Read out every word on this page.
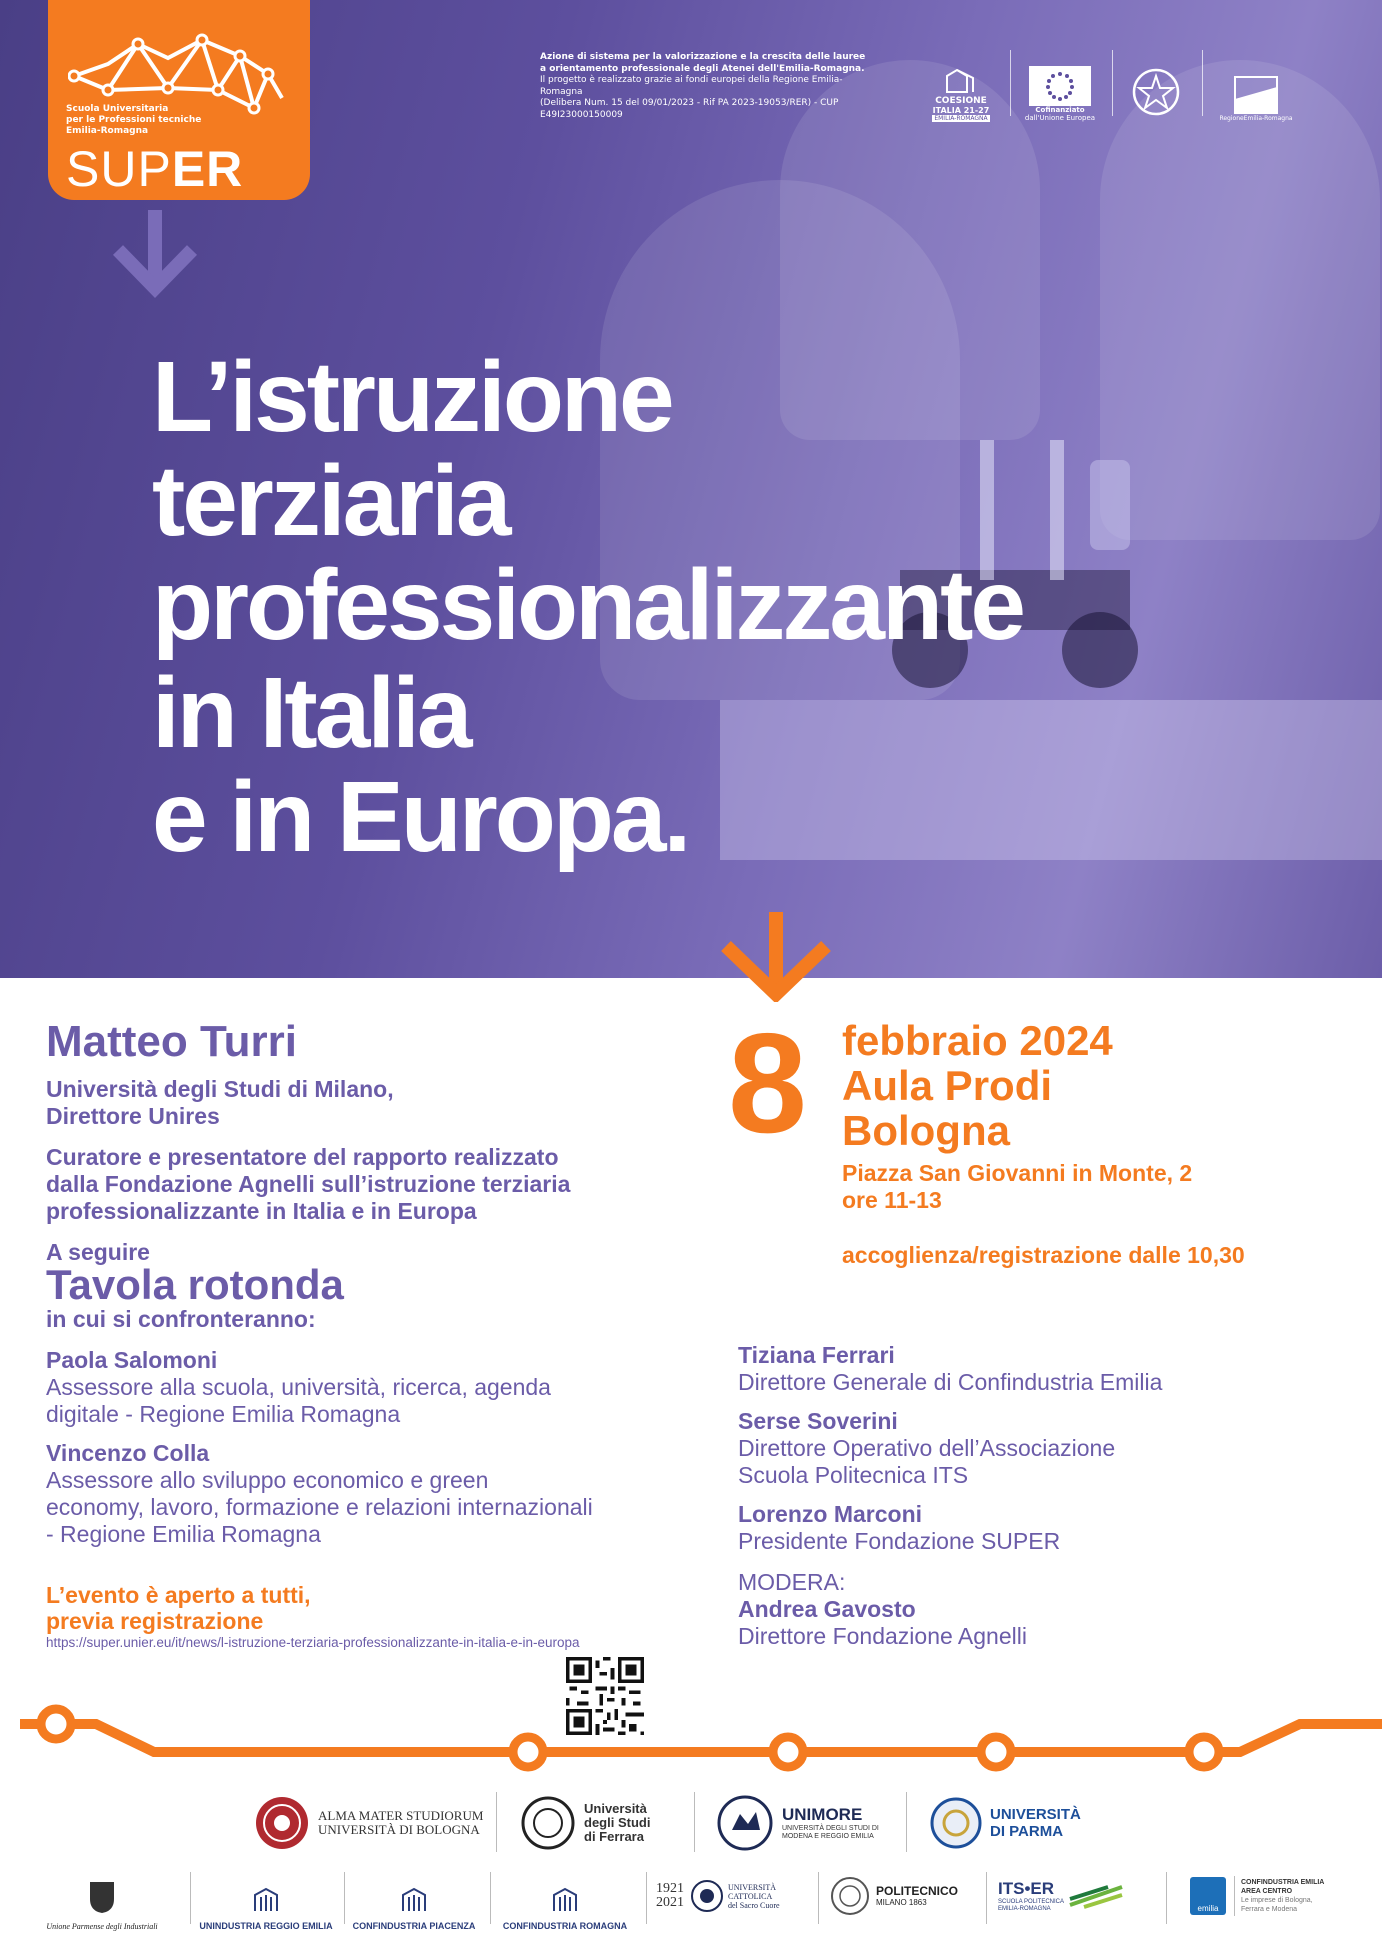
Azione di sistema per la valorizzazione e la crescita delle lauree
a orientamento professionale degli Atenei dell'Emilia-Romagna.
Il progetto è realizzato grazie ai fondi europei della Regione Emilia-Romagna
(Delibera Num. 15 del 09/01/2023 - Rif PA 2023-19053/RER) - CUP
E49I23000150009
COESIONE
ITALIA 21-27
EMILIA-ROMAGNA
Cofinanziato
dall'Unione Europea	RegioneEmilia-Romagna
L’istruzione
terziaria
professionalizzante
in Italia
e in Europa.
Scuola Universitaria
per le Professioni tecniche
Emilia-Romagna
SUPER
Matteo Turri
Università degli Studi di Milano,
Direttore Unires
Curatore e presentatore del rapporto realizzato
dalla Fondazione Agnelli sull’istruzione terziaria
professionalizzante in Italia e in Europa
A seguire
Tavola rotonda
in cui si confronteranno:
Paola Salomoni
Assessore alla scuola, università, ricerca, agenda
digitale - Regione Emilia Romagna
Vincenzo Colla
Assessore allo sviluppo economico e green
economy, lavoro, formazione e relazioni internazionali
- Regione Emilia Romagna
L’evento è aperto a tutti,
previa registrazione
https://super.unier.eu/it/news/l-istruzione-terziaria-professionalizzante-in-italia-e-in-europa
8 febbraio 2024
Aula Prodi
Bologna
Piazza San Giovanni in Monte, 2
ore 11-13
accoglienza/registrazione dalle 10,30
Tiziana Ferrari
Direttore Generale di Confindustria Emilia
Serse Soverini
Direttore Operativo dell’Associazione
Scuola Politecnica ITS
Lorenzo Marconi
Presidente Fondazione SUPER
MODERA:
Andrea Gavosto
Direttore Fondazione Agnelli
ALMA MATER STUDIORUM
UNIVERSITÀ DI BOLOGNA
Università
degli Studi
di Ferrara
UNIMORE
UNIVERSITÀ DEGLI STUDI DI
MODENA E REGGIO EMILIA
UNIVERSITÀ
DI PARMA
Unione Parmense degli Industriali	UNINDUSTRIA REGGIO EMILIA CONFINDUSTRIA PIACENZA	CONFINDUSTRIA ROMAGNA
1921
2021
UNIVERSITÀ
CATTOLICA
del Sacro Cuore
POLITECNICO
MILANO 1863
ITS•ER
SCUOLA POLITECNICA
EMILIA-ROMAGNA	emilia
CONFINDUSTRIA EMILIA
AREA CENTRO
Le imprese di Bologna,
Ferrara e Modena
